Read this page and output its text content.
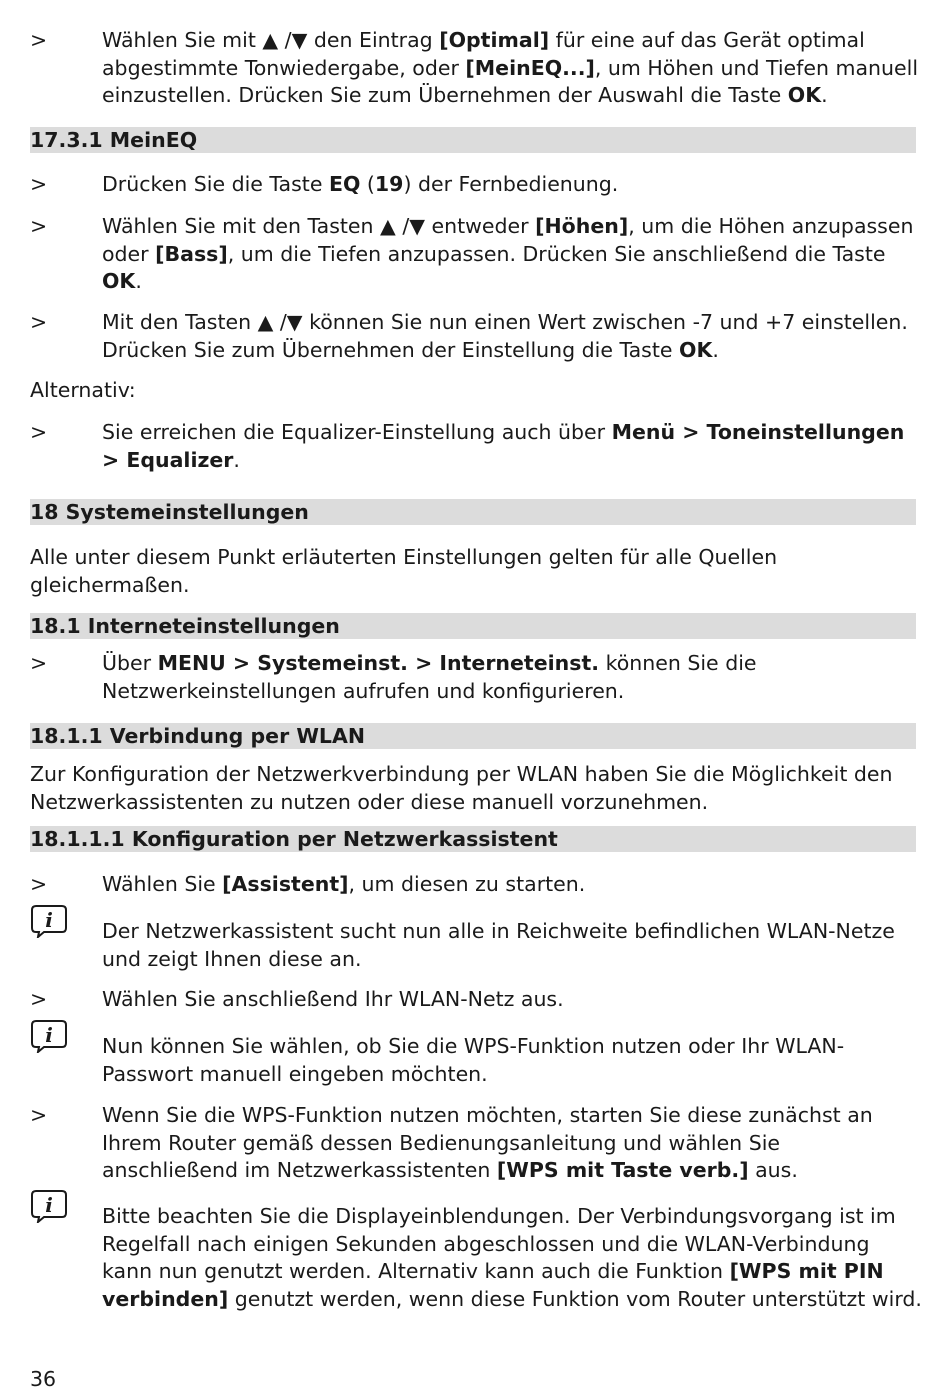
>	Wählen Sie mit ▲ /▼ den Eintrag [Optimal] für eine auf das Gerät optimal abgestimmte Tonwiedergabe, oder [MeinEQ...], um Höhen und Tiefen manuell einzustellen. Drücken Sie zum Übernehmen der Auswahl die Taste OK.
17.3.1 MeinEQ
>	Drücken Sie die Taste EQ (19) der Fernbedienung.
>	Wählen Sie mit den Tasten ▲ /▼ entweder [Höhen], um die Höhen anzupassen oder [Bass], um die Tiefen anzupassen. Drücken Sie anschließend die Taste OK.
>	Mit den Tasten ▲ /▼ können Sie nun einen Wert zwischen -7 und +7 einstellen. Drücken Sie zum Übernehmen der Einstellung die Taste OK.
Alternativ:
>	Sie erreichen die Equalizer-Einstellung auch über Menü > Toneinstellungen > Equalizer.
18 Systemeinstellungen
Alle unter diesem Punkt erläuterten Einstellungen gelten für alle Quellen gleichermaßen.
18.1 Interneteinstellungen
>	Über MENU > Systemeinst. > Interneteinst. können Sie die Netzwerkeinstellungen aufrufen und konfigurieren.
18.1.1 Verbindung per WLAN
Zur Konfiguration der Netzwerkverbindung per WLAN haben Sie die Möglichkeit den Netzwerkassistenten zu nutzen oder diese manuell vorzunehmen.
18.1.1.1 Konfiguration per Netzwerkassistent
>	Wählen Sie [Assistent], um diesen zu starten.
i Der Netzwerkassistent sucht nun alle in Reichweite befindlichen WLAN-Netze und zeigt Ihnen diese an.
>	Wählen Sie anschließend Ihr WLAN-Netz aus.
i Nun können Sie wählen, ob Sie die WPS-Funktion nutzen oder Ihr WLAN-Passwort manuell eingeben möchten.
>	Wenn Sie die WPS-Funktion nutzen möchten, starten Sie diese zunächst an Ihrem Router gemäß dessen Bedienungsanleitung und wählen Sie anschließend im Netzwerkassistenten [WPS mit Taste verb.] aus.
i Bitte beachten Sie die Displayeinblendungen. Der Verbindungsvorgang ist im Regelfall nach einigen Sekunden abgeschlossen und die WLAN-Verbindung kann nun genutzt werden. Alternativ kann auch die Funktion [WPS mit PIN verbinden] genutzt werden, wenn diese Funktion vom Router unterstützt wird.
36
